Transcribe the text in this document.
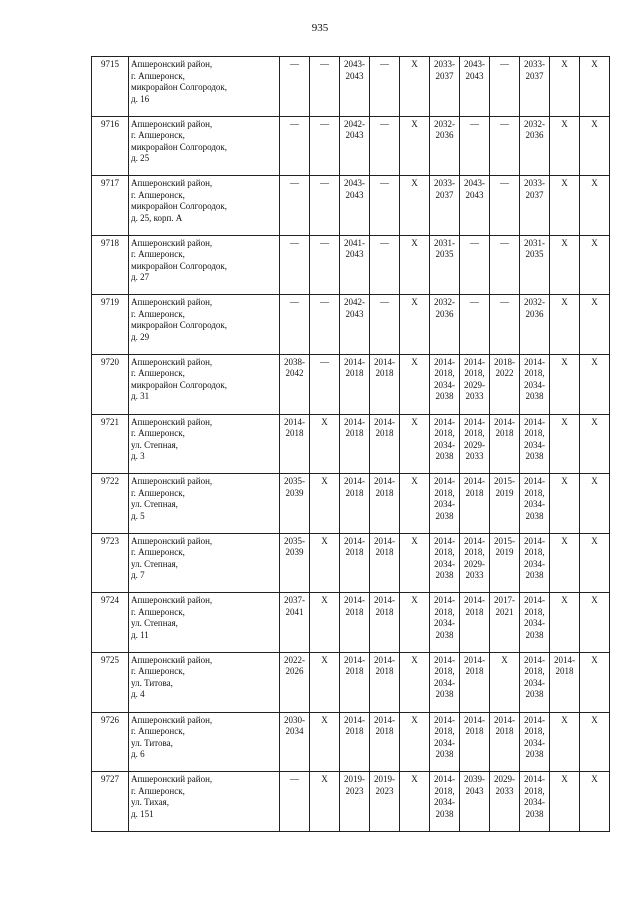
935
9715	Апшеронский район,
г. Апшеронск,
микрорайон Солгородок,
д. 16	—	—	2043-
2043	—	Х	2033-
2037	2043-
2043	—	2033-
2037	Х	Х
9716	Апшеронский район,
г. Апшеронск,
микрорайон Солгородок,
д. 25	—	—	2042-
2043	—	Х	2032-
2036	—	—	2032-
2036	Х	Х
9717	Апшеронский район,
г. Апшеронск,
микрорайон Солгородок,
д. 25, корп. А	—	—	2043-
2043	—	Х	2033-
2037	2043-
2043	—	2033-
2037	Х	Х
9718	Апшеронский район,
г. Апшеронск,
микрорайон Солгородок,
д. 27	—	—	2041-
2043	—	Х	2031-
2035	—	—	2031-
2035	Х	Х
9719	Апшеронский район,
г. Апшеронск,
микрорайон Солгородок,
д. 29	—	—	2042-
2043	—	Х	2032-
2036	—	—	2032-
2036	Х	Х
9720	Апшеронский район,
г. Апшеронск,
микрорайон Солгородок,
д. 31	2038-
2042	—	2014-
2018	2014-
2018	Х	2014-
2018,
2034-
2038	2014-
2018,
2029-
2033	2018-
2022	2014-
2018,
2034-
2038	Х	Х
9721	Апшеронский район,
г. Апшеронск,
ул. Степная,
д. 3	2014-
2018	Х	2014-
2018	2014-
2018	Х	2014-
2018,
2034-
2038	2014-
2018,
2029-
2033	2014-
2018	2014-
2018,
2034-
2038	Х	Х
9722	Апшеронский район,
г. Апшеронск,
ул. Степная,
д. 5	2035-
2039	Х	2014-
2018	2014-
2018	Х	2014-
2018,
2034-
2038	2014-
2018	2015-
2019	2014-
2018,
2034-
2038	Х	Х
9723	Апшеронский район,
г. Апшеронск,
ул. Степная,
д. 7	2035-
2039	Х	2014-
2018	2014-
2018	Х	2014-
2018,
2034-
2038	2014-
2018,
2029-
2033	2015-
2019	2014-
2018,
2034-
2038	Х	Х
9724	Апшеронский район,
г. Апшеронск,
ул. Степная,
д. 11	2037-
2041	Х	2014-
2018	2014-
2018	Х	2014-
2018,
2034-
2038	2014-
2018	2017-
2021	2014-
2018,
2034-
2038	Х	Х
9725	Апшеронский район,
г. Апшеронск,
ул. Титова,
д. 4	2022-
2026	Х	2014-
2018	2014-
2018	Х	2014-
2018,
2034-
2038	2014-
2018	Х	2014-
2018,
2034-
2038	2014-
2018	Х
9726	Апшеронский район,
г. Апшеронск,
ул. Титова,
д. 6	2030-
2034	Х	2014-
2018	2014-
2018	Х	2014-
2018,
2034-
2038	2014-
2018	2014-
2018	2014-
2018,
2034-
2038	Х	Х
9727	Апшеронский район,
г. Апшеронск,
ул. Тихая,
д. 151	—	Х	2019-
2023	2019-
2023	Х	2014-
2018,
2034-
2038	2039-
2043	2029-
2033	2014-
2018,
2034-
2038	Х	Х
